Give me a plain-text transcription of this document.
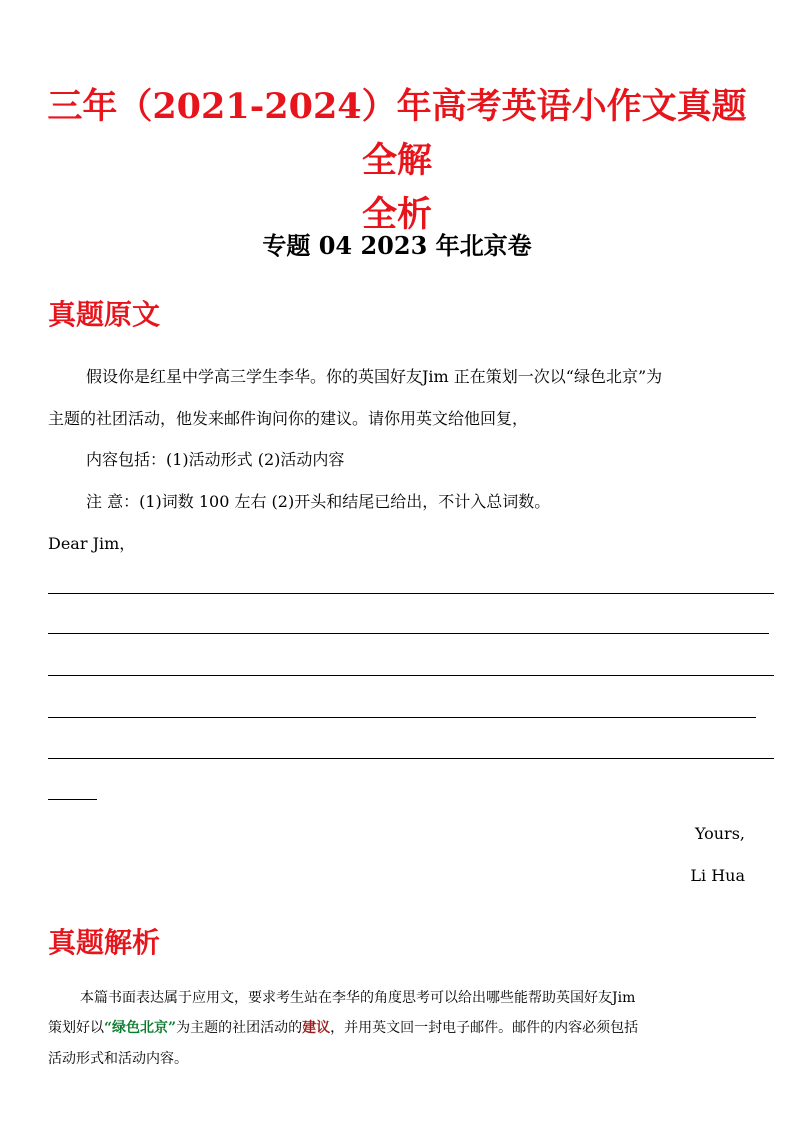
三年（2021-2024）年高考英语小作文真题全解
全析
专题 04 2023 年北京卷
真题原文
假设你是红星中学高三学生李华。你的英国好友Jim 正在策划一次以“绿色北京”为
主题的社团活动，他发来邮件询问你的建议。请你用英文给他回复，
内容包括：(1)活动形式 (2)活动内容
注 意：(1)词数 100 左右 (2)开头和结尾已给出，不计入总词数。
Dear Jim，
Yours,
Li Hua
真题解析
本篇书面表达属于应用文，要求考生站在李华的角度思考可以给出哪些能帮助英国好友Jim
策划好以“绿色北京”为主题的社团活动的建议，并用英文回一封电子邮件。邮件的内容必须包括
活动形式和活动内容。
